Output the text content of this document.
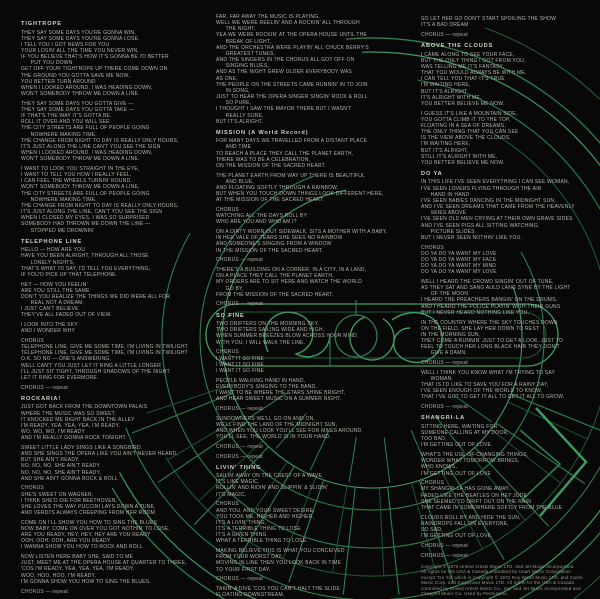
TIGHTROPE
THEY SAY SOME DAYS YOU'RE GONNA WIN,
THEY SAY SOME DAYS YOU'RE GONNA LOSE,
I TELL YOU I GOT NEWS FOR YOU
YOUR LOSIN' ALL THE TIME YOU NEVER WIN,
IF YOU BELIEVE THAT'S HOW IT'S GONNA BE I'D BETTER
PUT YOU DOWN
GET OFF YOUR TIGHTROPE UP THERE COME DOWN ON
THE GROUND YOU GOTTA SAVE ME NOW,
YOU BETTER TURN AROUND
WHEN I LOOKED AROUND, I WAS HEADING DOWN,
WON'T SOMEBODY THROW ME DOWN A LINE
THEY SAY SOME DAYS YOU GOTTA GIVE —
THEY SAY SOME DAYS YOU GOTTA TAKE —
IF THAT'S THE WAY IT'S GOTTA BE,
ROLL IT OVER AND YOU WILL SEE
THE CITY STREETS ARE FULL OF PEOPLE GOING
NOWHERE MAKING TIME,
THE CHANGE FROM NIGHT TO DAY IS REALLY ONLY HOURS,
IT'S JUST ALONG THE LINE CAN'T YOU SEE THE SIGN
WHEN I LOOKED AROUND, I WAS HEADING DOWN,
WON'T SOMEBODY THROW ME DOWN A LINE.
I WANT TO LOOK YOU STRAIGHT IN THE EYE,
I WANT TO TELL YOU HOW I REALLY FEEL,
I CAN FEEL THE WHEELS TURNIN' ROUND,
WON'T SOMEBODY THROW ME DOWN A LINE,
THE CITY STREETS ARE FULL OF PEOPLE GOING
NOWHERE MAKING TIME,
THE CHANGE FROM NIGHT TO DAY IS REALLY ONLY HOURS,
IT'S JUST ALONG THE LINE, CAN'T YOU SEE THE SIGN
WHEN I CLOSED MY EYES, I WAS SO SURPRISED
SOMEBODY HAD THROWN ME DOWN THE LINE —
STOPPED ME DROWNIN'
TELEPHONE LINE
HELLO — HOW ARE YOU
HAVE YOU BEEN ALRIGHT, THROUGH ALL THOSE
LONELY NIGHTS,
THAT'S WHAT I'D SAY, I'D TELL YOU EVERYTHING,
IF YOU'D PICK UP THAT TELEPHONE.
HEY — HOW YOU FEELIN'
ARE YOU STILL THE SAME
DON'T YOU REALIZE THE THINGS WE DID WERE ALL FOR
REAL NOT A DREAM,
I JUST CAN'T BELIEVE
THEY'VE ALL FADED OUT OF VIEW.
I LOOK INTO THE SKY
AND I WONDER WHY
CHORUS
TELEPHONE LINE, GIVE ME SOME TIME, I'M LIVING IN TWILIGHT
TELEPHONE LINE, GIVE ME SOME TIME, I'M LIVING IN TWILIGHT
O.K. SO NO — ONE'S ANSWERING,
WELL CAN'T YOU JUST LET IT RING A LITTLE LONGER
I'LL JUST SIT TIGHT, THROUGH SHADOWS OF THE NIGHT
LET IT RING FOR EVERMORE.
CHORUS — repeat
ROCKARIA!
JUST GOT BACK FROM THE DOWNTOWN PALAIS
WHERE THE MUSIC WAS SO SWEET,
IT KNOCKED ME RIGHT BACK IN THE ALLEY
I'M READY, YEA, YEA, YEA, I'M READY,
WO, WO, WO, I'M READY
AND I'M REALLY GONNA ROCK TONIGHT.
SWEET LITTLE LADY SINGS LIKE A SONGBIRD
AND SHE SINGS THE OPERA LIKE YOU AIN'T NEVER HEARD,
BUT SHE AIN'T READY,
NO, NO, NO, SHE AIN'T READY
NO, NO, NO, SHE AIN'T READY,
AND SHE AIN'T GONNA ROCK & ROLL
CHORUS
SHE'S SWEET ON WAGNER,
I THINK SHE'D DIE FOR BEETHOVEN,
SHE LOVES THE WAY PUCCINI LAYS DOWN A TUNE,
AND VERDI'S ALWAYS CREEPING FROM HER ROOM
COME ON I'LL SHOW YOU HOW TO SING THE BLUES
NOW BABY, COME ON OVER YOU GOT NOTHIN' TO LOSE,
ARE YOU READY, HEY, HEY, HEY ARE YOU READY
OOH, OOH, OOH, ARE YOU READY
I WANNA SHOW YOU HOW TO ROCK AND ROLL
NOW LISTEN HERE BABY SHE, SAID TO ME
JUST, MEET ME AT THE OPERA HOUSE AT QUARTER TO THREE,
'COS I'M READY, YEA, YEA, YEA, I'M READY,
WOO, HOO, HOO, I'M READY,
I'M GONNA SHOW YOU HOW TO SING THE BLUES.
CHORUS — repeat
FAR, FAR AWAY THE MUSIC IS PLAYING,
WELL WE WERE REELIN' AND A ROCKIN' ALL THROUGH
THE NIGHT,
YEA WE WERE ROCKIN' AT THE OPERA HOUSE UNTIL THE
BREAK OF LIGHT,
AND THE ORCHESTRA WERE PLAYIN' ALL CHUCK BERRY'S
GREATEST TUNES,
AND THE SINGERS IN THE CHORUS ALL GOT OFF ON
SINGING BLUES,
AND AS THE NIGHT GREW OLDER EVERYBODY WAS
AS ONE,
THE PEOPLE ON THE STREETS CAME RUNNIN' IN TO JOIN
IN SONG,
JUST TO HEAR THE OPERA SINGER SINGIN' ROCK & ROLL
SO PURE,
I THOUGHT I SAW THE MAYOR THERE BUT I WASN'T
REALLY SURE,
BUT IT'S ALRIGHT.
MISSION (A World Record)
FOR MANY DAYS WE TRAVELLED FROM A DISTANT PLACE
AND TIME
TO REACH A PLACE THEY CALL THE PLANET EARTH,
THERE WAS TO BE A CELEBRATION,
ON THE MISSION OF THE SACRED HEART.
THE PLANET EARTH FROM WAY UP THERE IS BEAUTIFUL
AND BLUE,
AND FLOATING SOFTLY THROUGH A RAINBOW,
BUT WHEN YOU TOUCH DOWN THINGS LOOK DIFFERENT HERE,
AT THE MISSION OF THE SACRED HEART.
CHORUS
WATCHING ALL THE DAYS ROLL BY
WHO ARE YOU AND WHO AM I?
ON A DIRTY WORN OUT SIDEWALK, SITS A MOTHER WITH A BABY,
IN HER VALE OF TEARS SHE SEES NO RAINBOW
AND SOMEONE'S SINGING FROM A WINDOW
IN THE MISSION OF THE SACRED HEART.
CHORUS — repeat
THERE'S A BUILDING ON A CORNER, IN A CITY, IN A LAND,
ON A PLACE THEY CALL THE PLANET EARTH,
MY ORDERS ARE TO SIT HERE AND WATCH THE WORLD
GO BY,
FROM THE MISSION OF THE SACRED HEART.
CHORUS — repeat
SO FINE
TWO DRIFTERS ON THE MORNING SKY,
TWO DRIFTERS SAILING WIDE AND HIGH,
WHEN SUMMER BREEZES BLOW ACROSS YOUR MIND,
WITH YOU, I WILL WALK THE LINE.
CHORUS
I WANT IT SO FINE
I WANT IT SO FINE
I WANT IT SO FINE
PEOPLE WALKING HAND IN HAND,
EVERYBODY'S SINGING TO THE BAND,
I WANT TO BE WHERE THE STARS SHINE BRIGHT,
AND HEAR SWEET MUSIC ON A SUMMER NIGHT.
CHORUS — repeat
SUNDOWNERS WE'LL GO ON AND ON,
WE'LL FIND THE LAND OF THE MIDNIGHT SUN,
AND WHEN YOU LOOK YOU'LL SEE FOR MILES AROUND,
YOU'LL SEE, THE WORLD IS IN YOUR HAND.
CHORUS — repeat
CHORUS — repeat
LIVIN' THING
SAILIN' AWAY ON THE CREST OF A WAVE,
IT'S LIKE MAGIC.
ROLLIN' AND RIDIN' AND SLIPPIN' & SLIDIN'
IT'S MAGIC.
CHORUS
AND YOU, AND YOUR SWEET DESIRE,
YOU TOOK ME, HIGHER AND HIGHER,
IT'S A LIVIN' THING,
IT'S A TERRIBLE THING TO LOSE
IT'S A GIVEN THING
WHAT A TERRIBLE THING TO LOSE.
MAKING BELIEVE THIS IS WHAT YOU CONCEIVED
FROM YOUR WORST DAY,
MOVING IN LINE THEN YOU LOOK BACK IN TIME
TO YOUR FIRST DAY.
CHORUS — repeat
TAKIN' A DIVE 'COS YOU CAN'T HALT THE SLIDE
FLOATING DOWNSTREAM,
SO LET HER GO DON'T START SPOILING THE SHOW
IT'S A BAD DREAM
CHORUS — repeat
ABOVE THE CLOUDS
I CAME ALONG TO SEE YOUR FACE,
BUT THE ONLY THING I GOT FROM YOU,
WAS TELLING ME IT'S FANTASY,
THAT YOU WOULD ALWAYS BE WITH ME.
I CAN TELL YOU THAT IT'S TRUE
I'M WAITING HERE,
BUT IT'S ALRIGHT
IT'S ALRIGHT WITH ME,
YOU BETTER BELIEVE ME NOW.
I GUESS IT'S LIKE A MOUNTAIN SIDE,
YOU GOTTA CLIMB IT TO THE TOP,
FLOATING IN A SEA OF DREAMS,
THE ONLY THING THAT YOU CAN SEE
IS THE VIEW ABOVE THE CLOUDS,
I'M WAITING HERE,
BUT IT'S ALRIGHT,
STILL IT'S ALRIGHT WITH ME,
YOU BETTER BELIEVE ME NOW.
DO YA
IN THIS LIFE I'VE SEEN EVERYTHING I CAN SEE WOMAN,
I'VE SEEN LOVERS FLYING THROUGH THE AIR
HAND IN HAND
I'VE SEEN BABIES DANCING IN THE MIDNIGHT SUN,
AND I'VE SEEN DREAMS THAT CAME FROM THE HEAVENLY
SKIES ABOVE
I'VE SEEN OLD MEN CRYING AT THEIR OWN GRAVE SIDES
AND I'VE SEEN PIGS ALL SITTING WATCHING,
PICTURE SLIDES
BUT I NEVER SEEN NOTHIN' LIKE YOU.
CHORUS
DO YA DO YA WANT MY LOVE
DO YA DO YA WANT MY FACE
DO YA DO YA WANT MY MIND
DO YA DO YA WANT MY LOVE
WELL I HEARD THE CROWD SINGIN' OUT OF TUNE,
AS THEY SAT AND SANG AULD LANG SYNE BY THE LIGHT
OF THE MOON
I HEARD THE PREACHERS BANGIN' ON THE DRUMS,
AND I HEARD THE POLICE PLAYIN' WITH THEIR GUNS
BUT I NEVER HEARD NOTHING LIKE YOU,
IN THE COUNTRY WHERE THE SKY TOUCHES DOWN
ON THE FIELD, SHE LAY HER DOWN TO REST
IN THE MORNING SUN,
THEY COME A'RUNNIN' JUST TO GET A LOOK, JUST TO
FEEL TO TOUCH HER LONG BLACK HAIR THEY DON'T
GIVE A DAMN.
CHORUS — repeat
WELL I THINK YOU KNOW WHAT I'M TRYING TO SAY
WOMAN,
THAT IS I'D LIKE TO SAVE YOU FOR A RAINY DAY,
I'VE SEEN ENOUGH OF THE WORLD TO KNOW,
THAT I'VE GOT TO GET IT ALL TO GET IT ALL TO GROW.
CHORUS — repeat
SHANGRI-LA
SITTING HERE, WAITING FOR
SOMEONE CALLING AT MY DOOR,
TOO BAD,
I'M GETTING OUT OF LOVE.
WHAT'S THE USE OF CHANGING THINGS,
WONDER WHAT TOMORROW BRINGS,
WHO KNOWS,
I'M GETTING OUT OF LOVE
CHORUS
MY SHANGRI-LA HAS GONE AWAY,
FADED LIKE THE BEATLES ON HEY JUDE
SHE SEEMED TO DRIFT OUT ON THE RAIN
THAT CAME IN SOMEWHERE SOFTLY FROM THE BLUE
CLOUDS ROLL BY AND HIDE THE SUN,
RAINDROPS FALL ON EVERYONE,
SO SAD,
I'M GETTING OUT OF LOVE.
CHORUS — repeat
CHORUS — repeat
Copyright © 1976 United Artists Music LTD. and Jet Music Incorporated.
All rights for the USA & Canada controlled by Unart Music Corporation
except "Do Ya" which is Copyright © 1972 Roy Wood Music LTD. and Carlin
Music Corp. and Sugartown Music LTD. All rights for the USA & Canada
controlled by United Artists Music Co., Inc. and Jet Music Incorporated and
Chappell Music Co. Used by Permission.
